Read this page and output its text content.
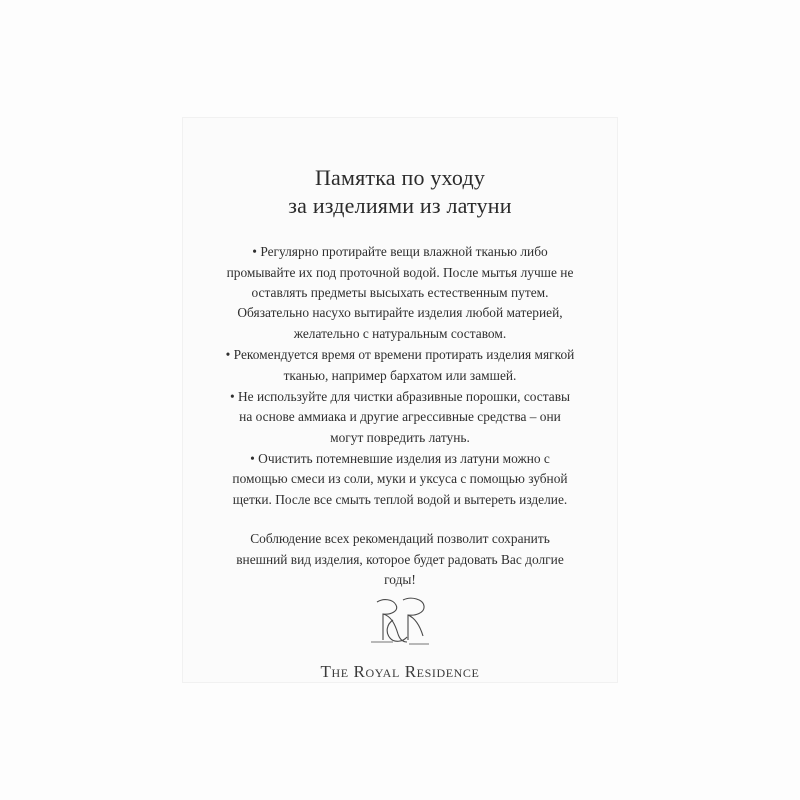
Памятка по уходу
за изделиями из латуни

• Регулярно протирайте вещи влажной тканью либо промывайте их под проточной водой. После мытья лучше не оставлять предметы высыхать естественным путем. Обязательно насухо вытирайте изделия любой материей, желательно с натуральным составом.

• Рекомендуется время от времени протирать изделия мягкой тканью, например бархатом или замшей.

• Не используйте для чистки абразивные порошки, составы на основе аммиака и другие агрессивные средства – они могут повредить латунь.

• Очистить потемневшие изделия из латуни можно с помощью смеси из соли, муки и уксуса с помощью зубной щетки. После все смыть теплой водой и вытереть изделие.

Соблюдение всех рекомендаций позволит сохранить внешний вид изделия, которое будет радовать Вас долгие годы!
The Royal Residence
